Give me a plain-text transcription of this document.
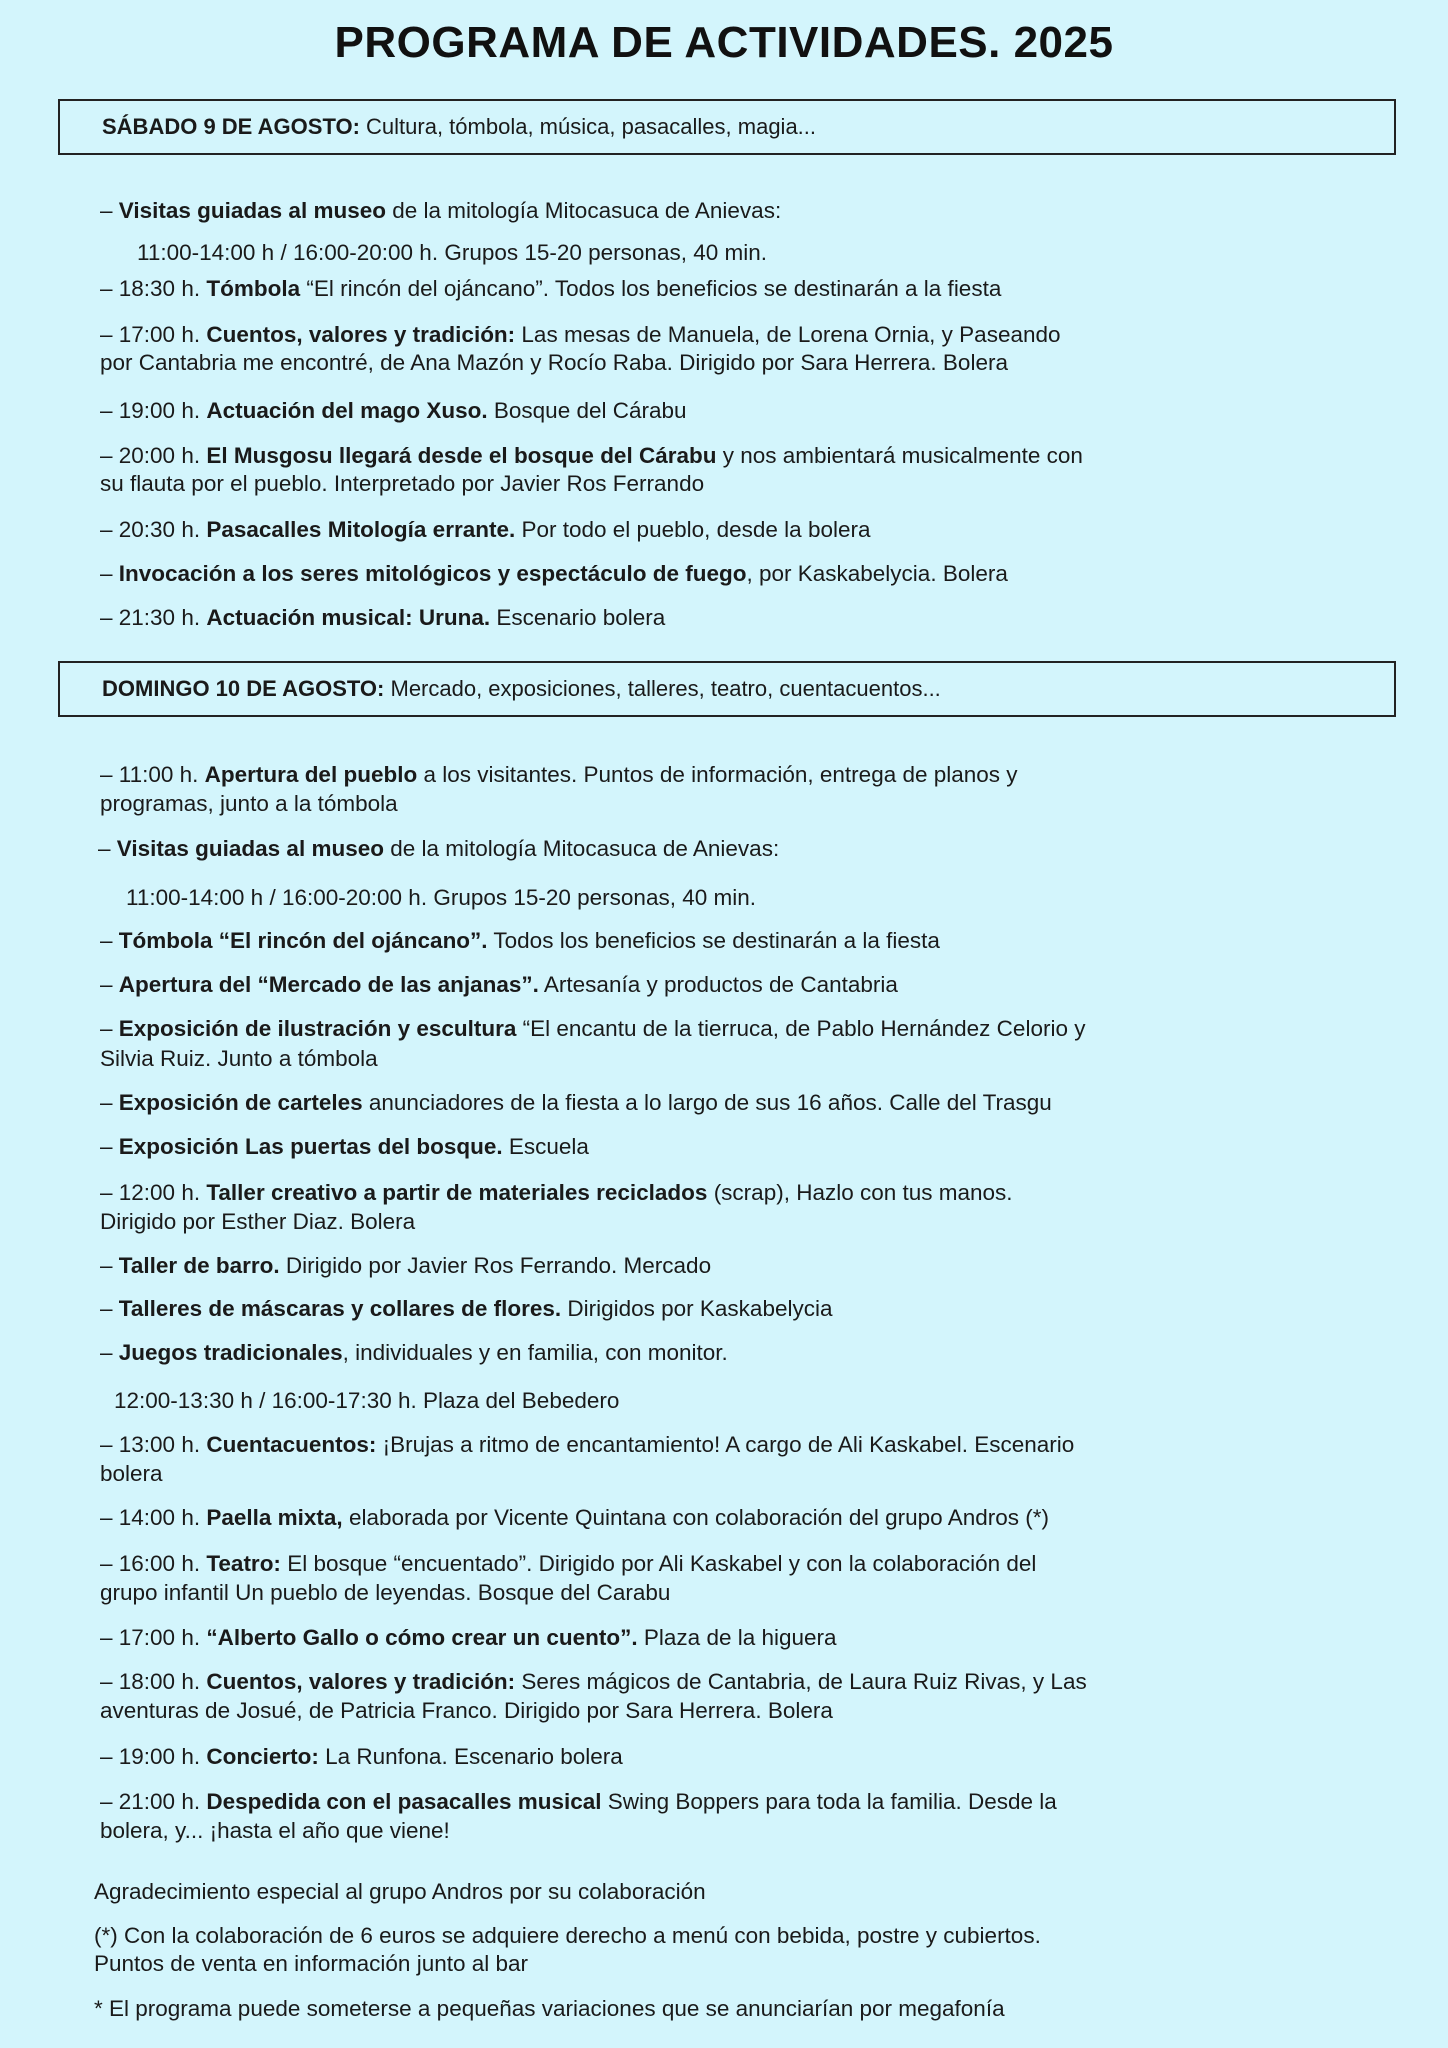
PROGRAMA DE ACTIVIDADES. 2025
SÁBADO 9 DE AGOSTO: Cultura, tómbola, música, pasacalles, magia...
– Visitas guiadas al museo de la mitología Mitocasuca de Anievas:
11:00-14:00 h / 16:00-20:00 h. Grupos 15-20 personas, 40 min.
– 18:30 h. Tómbola “El rincón del ojáncano”. Todos los beneficios se destinarán a la fiesta
– 17:00 h. Cuentos, valores y tradición: Las mesas de Manuela, de Lorena Ornia, y Paseando
por Cantabria me encontré, de Ana Mazón y Rocío Raba. Dirigido por Sara Herrera. Bolera
– 19:00 h. Actuación del mago Xuso. Bosque del Cárabu
– 20:00 h. El Musgosu llegará desde el bosque del Cárabu y nos ambientará musicalmente con
su flauta por el pueblo. Interpretado por Javier Ros Ferrando
– 20:30 h. Pasacalles Mitología errante. Por todo el pueblo, desde la bolera
– Invocación a los seres mitológicos y espectáculo de fuego, por Kaskabelycia. Bolera
– 21:30 h. Actuación musical: Uruna. Escenario bolera
DOMINGO 10 DE AGOSTO: Mercado, exposiciones, talleres, teatro, cuentacuentos...
– 11:00 h. Apertura del pueblo a los visitantes. Puntos de información, entrega de planos y
programas, junto a la tómbola
– Visitas guiadas al museo de la mitología Mitocasuca de Anievas:
11:00-14:00 h / 16:00-20:00 h. Grupos 15-20 personas, 40 min.
– Tómbola “El rincón del ojáncano”. Todos los beneficios se destinarán a la fiesta
– Apertura del “Mercado de las anjanas”. Artesanía y productos de Cantabria
– Exposición de ilustración y escultura “El encantu de la tierruca, de Pablo Hernández Celorio y
Silvia Ruiz. Junto a tómbola
– Exposición de carteles anunciadores de la fiesta a lo largo de sus 16 años. Calle del Trasgu
– Exposición Las puertas del bosque. Escuela
– 12:00 h. Taller creativo a partir de materiales reciclados (scrap), Hazlo con tus manos.
Dirigido por Esther Diaz. Bolera
– Taller de barro. Dirigido por Javier Ros Ferrando. Mercado
– Talleres de máscaras y collares de flores. Dirigidos por Kaskabelycia
– Juegos tradicionales, individuales y en familia, con monitor.
12:00-13:30 h / 16:00-17:30 h. Plaza del Bebedero
– 13:00 h. Cuentacuentos: ¡Brujas a ritmo de encantamiento! A cargo de Ali Kaskabel. Escenario
bolera
– 14:00 h. Paella mixta, elaborada por Vicente Quintana con colaboración del grupo Andros (*)
– 16:00 h. Teatro: El bosque “encuentado”. Dirigido por Ali Kaskabel y con la colaboración del
grupo infantil Un pueblo de leyendas. Bosque del Carabu
– 17:00 h. “Alberto Gallo o cómo crear un cuento”. Plaza de la higuera
– 18:00 h. Cuentos, valores y tradición: Seres mágicos de Cantabria, de Laura Ruiz Rivas, y Las
aventuras de Josué, de Patricia Franco. Dirigido por Sara Herrera. Bolera
– 19:00 h. Concierto: La Runfona. Escenario bolera
– 21:00 h. Despedida con el pasacalles musical Swing Boppers para toda la familia. Desde la
bolera, y... ¡hasta el año que viene!
Agradecimiento especial al grupo Andros por su colaboración
(*) Con la colaboración de 6 euros se adquiere derecho a menú con bebida, postre y cubiertos.
Puntos de venta en información junto al bar
* El programa puede someterse a pequeñas variaciones que se anunciarían por megafonía
